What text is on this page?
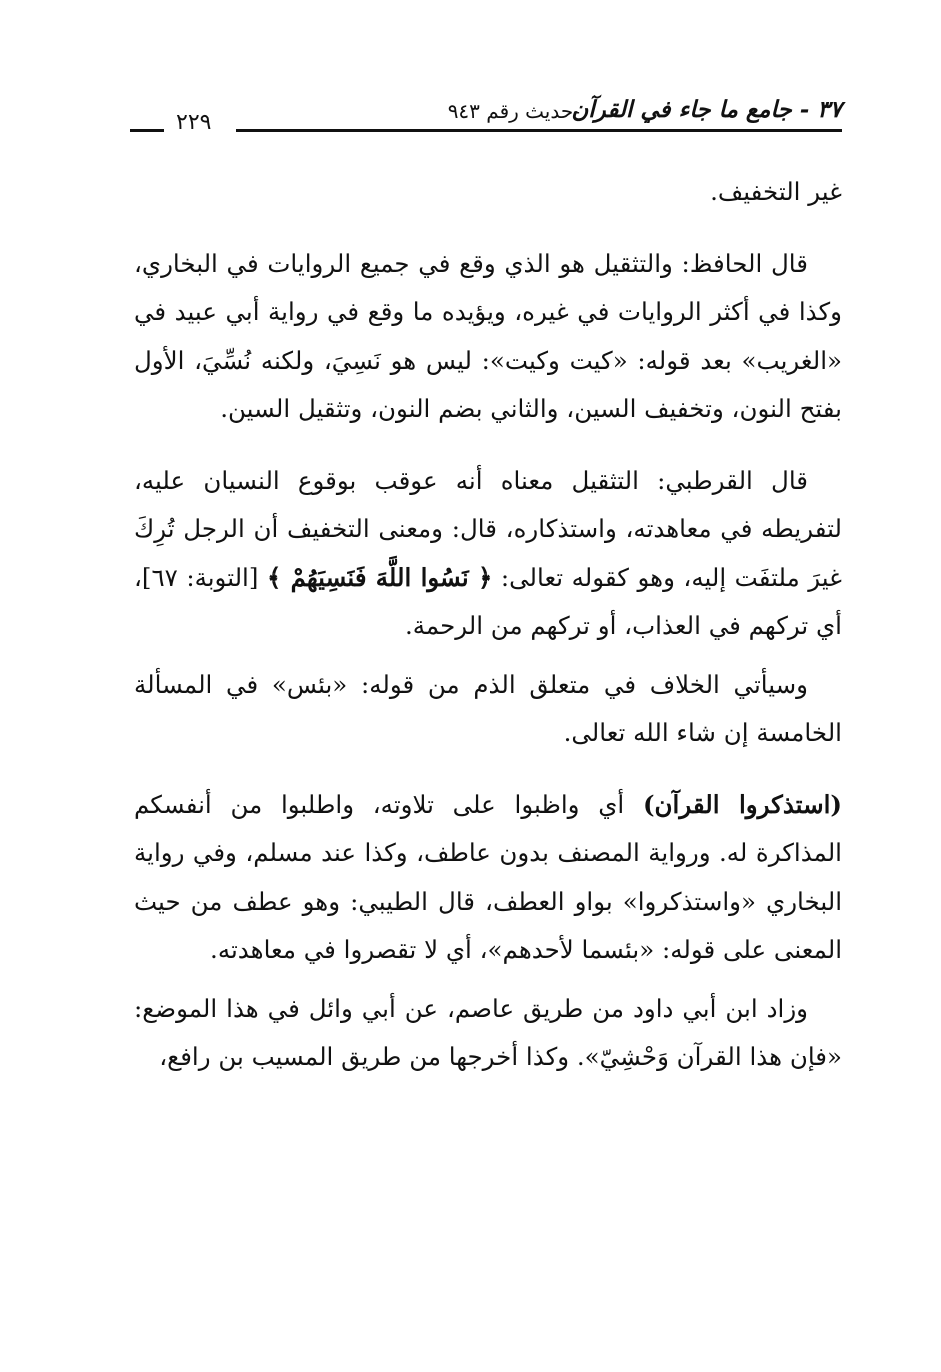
٣٧ - جامع ما جاء في القرآن
-حديث رقم ٩٤٣
٢٢٩

غير التخفيف.

قال الحافظ: والتثقيل هو الذي وقع في جميع الروايات في البخاري، وكذا في أكثر الروايات في غيره، ويؤيده ما وقع في رواية أبي عبيد في «الغريب» بعد قوله: «كيت وكيت»: ليس هو نَسِيَ، ولكنه نُسِّيَ، الأول بفتح النون، وتخفيف السين، والثاني بضم النون، وتثقيل السين.

قال القرطبي: التثقيل معناه أنه عوقب بوقوع النسيان عليه، لتفريطه في معاهدته، واستذكاره، قال: ومعنى التخفيف أن الرجل تُرِكَ غيرَ ملتفَت إليه، وهو كقوله تعالى: ﴿ نَسُوا اللَّهَ فَنَسِيَهُمْ ﴾ [التوبة: ٦٧]، أي تركهم في العذاب، أو تركهم من الرحمة.

وسيأتي الخلاف في متعلق الذم من قوله: «بئس» في المسألة الخامسة إن شاء الله تعالى.

(استذكروا القرآن) أي واظبوا على تلاوته، واطلبوا من أنفسكم المذاكرة له. ورواية المصنف بدون عاطف، وكذا عند مسلم، وفي رواية البخاري «واستذكروا» بواو العطف، قال الطيبي: وهو عطف من حيث المعنى على قوله: «بئسما لأحدهم»، أي لا تقصروا في معاهدته.

وزاد ابن أبي داود من طريق عاصم، عن أبي وائل في هذا الموضع: «فإن هذا القرآن وَحْشِيّ». وكذا أخرجها من طريق المسيب بن رافع،
